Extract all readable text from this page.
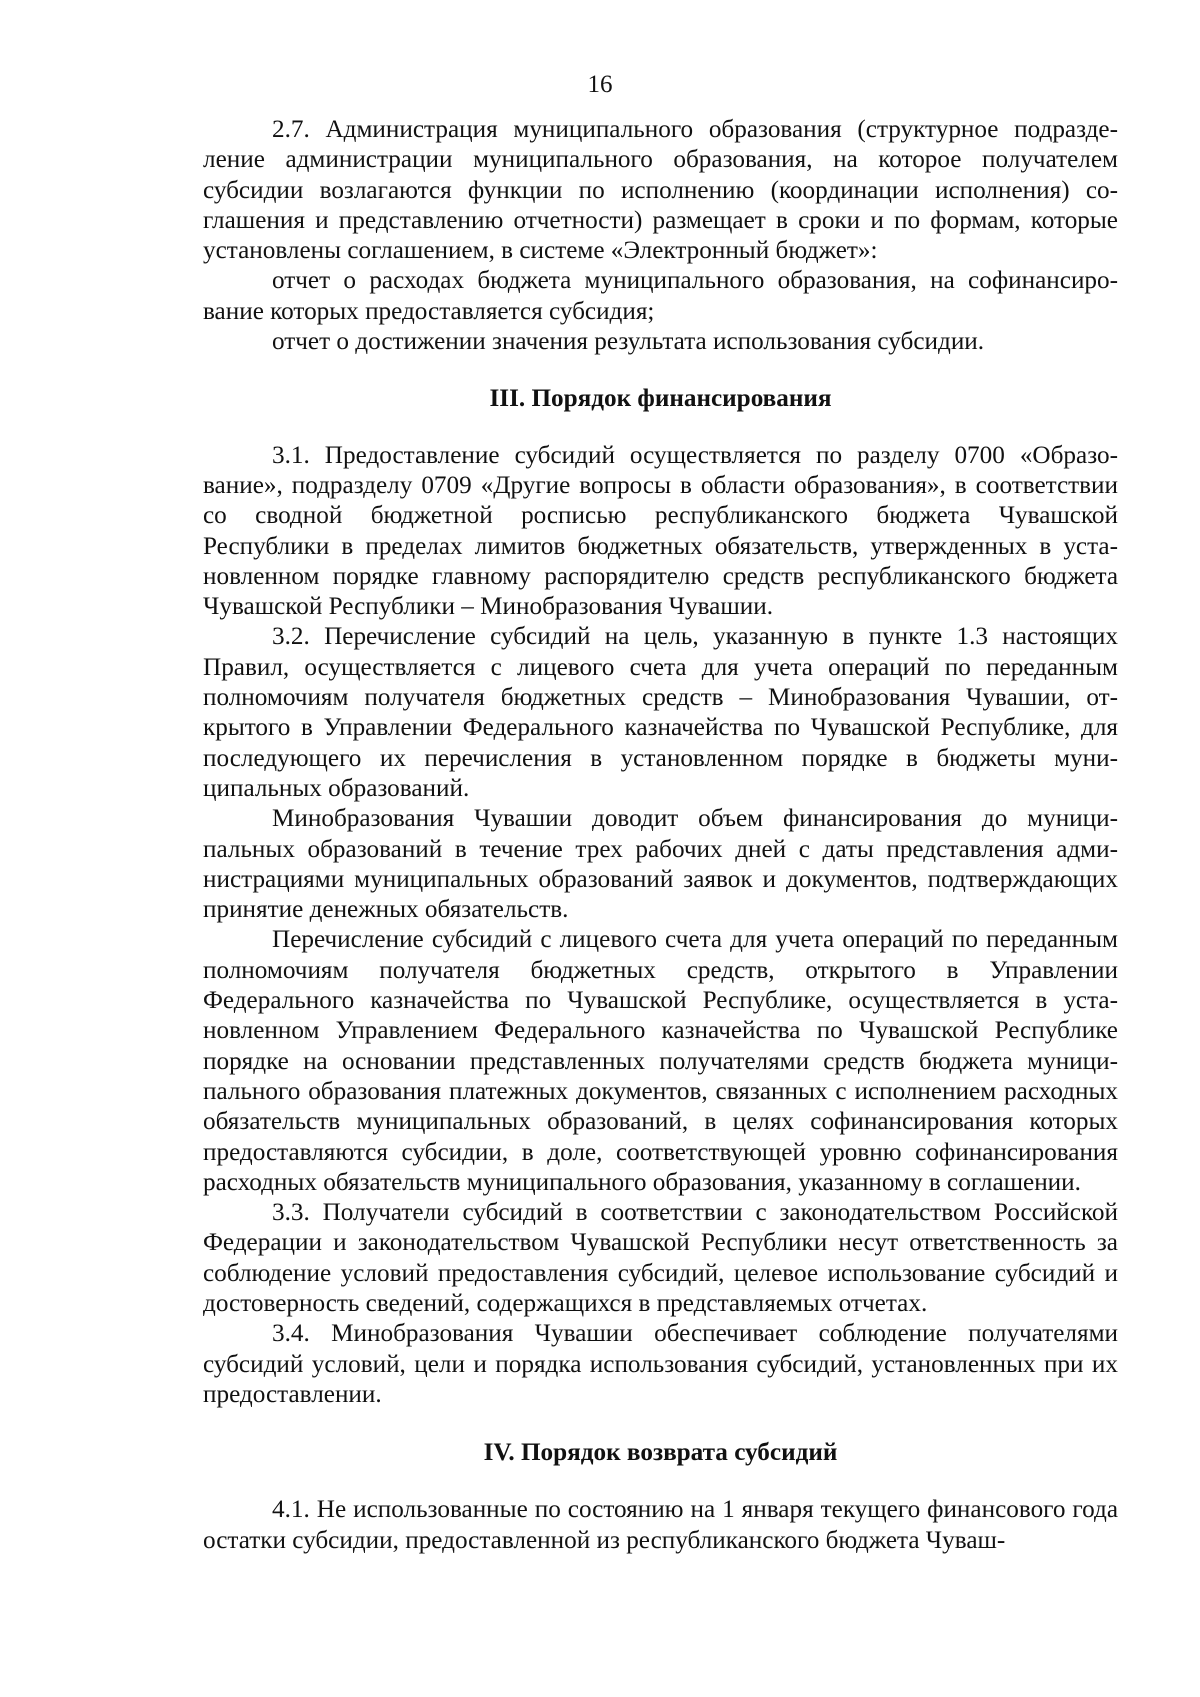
16

2.7. Администрация муниципального образования (структурное подразделение администрации муниципального образования, на которое получателем субсидии возлагаются функции по исполнению (координации исполнения) соглашения и представлению отчетности) размещает в сроки и по формам, которые установлены соглашением, в системе «Электронный бюджет»:

отчет о расходах бюджета муниципального образования, на софинансирование которых предоставляется субсидия;

отчет о достижении значения результата использования субсидии.

III. Порядок финансирования

3.1. Предоставление субсидий осуществляется по разделу 0700 «Образование», подразделу 0709 «Другие вопросы в области образования», в соответствии со сводной бюджетной росписью республиканского бюджета Чувашской Республики в пределах лимитов бюджетных обязательств, утвержденных в установленном порядке главному распорядителю средств республиканского бюджета Чувашской Республики – Минобразования Чувашии.

3.2. Перечисление субсидий на цель, указанную в пункте 1.3 настоящих Правил, осуществляется с лицевого счета для учета операций по переданным полномочиям получателя бюджетных средств – Минобразования Чувашии, открытого в Управлении Федерального казначейства по Чувашской Республике, для последующего их перечисления в установленном порядке в бюджеты муниципальных образований.

Минобразования Чувашии доводит объем финансирования до муниципальных образований в течение трех рабочих дней с даты представления администрациями муниципальных образований заявок и документов, подтверждающих принятие денежных обязательств.

Перечисление субсидий с лицевого счета для учета операций по переданным полномочиям получателя бюджетных средств, открытого в Управлении Федерального казначейства по Чувашской Республике, осуществляется в установленном Управлением Федерального казначейства по Чувашской Республике порядке на основании представленных получателями средств бюджета муниципального образования платежных документов, связанных с исполнением расходных обязательств муниципальных образований, в целях софинансирования которых предоставляются субсидии, в доле, соответствующей уровню софинансирования расходных обязательств муниципального образования, указанному в соглашении.

3.3. Получатели субсидий в соответствии с законодательством Российской Федерации и законодательством Чувашской Республики несут ответственность за соблюдение условий предоставления субсидий, целевое использование субсидий и достоверность сведений, содержащихся в представляемых отчетах.

3.4. Минобразования Чувашии обеспечивает соблюдение получателями субсидий условий, цели и порядка использования субсидий, установленных при их предоставлении.

IV. Порядок возврата субсидий

4.1. Не использованные по состоянию на 1 января текущего финансового года остатки субсидии, предоставленной из республиканского бюджета Чуваш-
